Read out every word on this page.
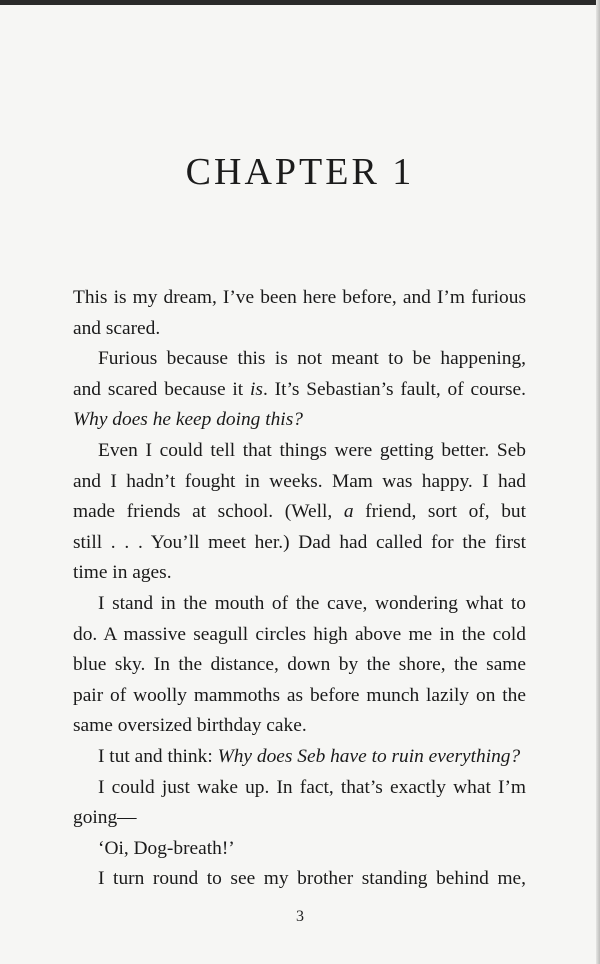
CHAPTER 1
This is my dream, I’ve been here before, and I’m furious
and scared.
Furious because this is not meant to be happening,
and scared because it is. It’s Sebastian’s fault, of course.
Why does he keep doing this?
Even I could tell that things were getting better. Seb
and I hadn’t fought in weeks. Mam was happy. I had
made friends at school. (Well, a friend, sort of, but
still . . . You’ll meet her.) Dad had called for the first
time in ages.
I stand in the mouth of the cave, wondering what to
do. A massive seagull circles high above me in the cold
blue sky. In the distance, down by the shore, the same
pair of woolly mammoths as before munch lazily on the
same oversized birthday cake.
I tut and think: Why does Seb have to ruin everything?
I could just wake up. In fact, that’s exactly what I’m
going—
‘Oi, Dog-breath!’
I turn round to see my brother standing behind me,
3
